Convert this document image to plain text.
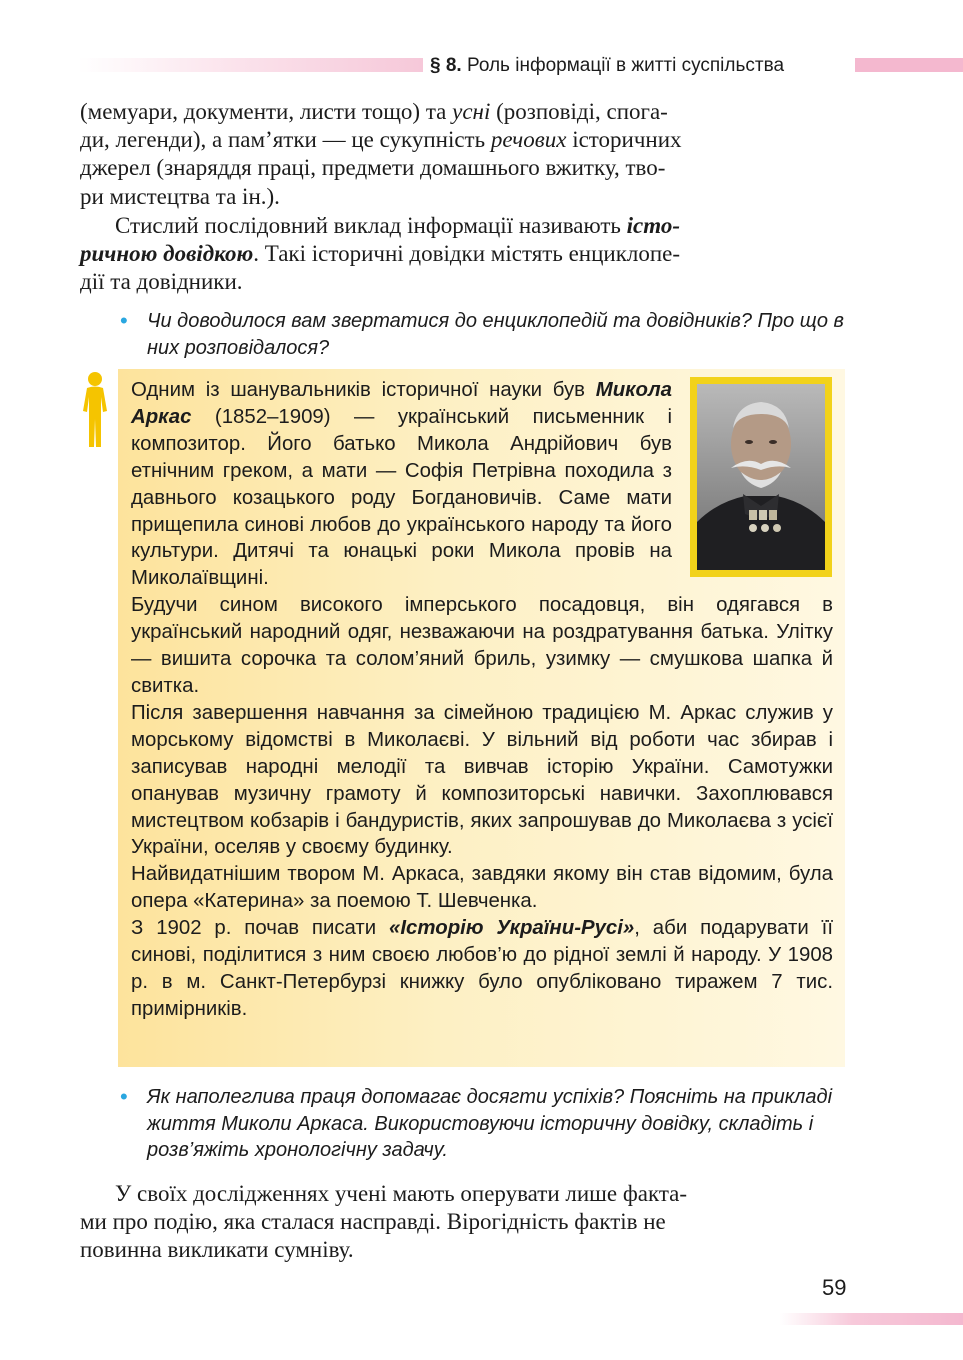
§ 8. Роль інформації в житті суспільства
(мемуари, документи, листи тощо) та усні (розповіді, спога-
ди, легенди), а пам’ятки — це сукупність речових історичних
джерел (знаряддя праці, предмети домашнього вжитку, тво-
ри мистецтва та ін.).
Стислий послідовний виклад інформації називають істо-
ричною довідкою. Такі історичні довідки містять енциклопе-
дії та довідники.
• Чи доводилося вам звертатися до енциклопедій та довідників? Про що в них розповідалося?

Одним із шанувальників історичної науки був Микола Аркас (1852–1909) — український письменник і композитор. Його батько Микола Андрійович був етнічним греком, а мати — Софія Петрівна походила з давнього козацького роду Богдановичів. Саме мати прищепила синові любов до українського народу та його культури. Дитячі та юнацькі роки Микола провів на Миколаївщині.

Будучи сином високого імперського посадовця, він одягався в український народний одяг, незважаючи на роздратування батька. Улітку — вишита сорочка та солом’яний бриль, узимку — смушкова шапка й свитка.

Після завершення навчання за сімейною традицією М. Аркас служив у морському відомстві в Миколаєві. У вільний від роботи час збирав і записував народні мелодії та вивчав історію України. Самотужки опанував музичну грамоту й композиторські навички. Захоплювався мистецтвом кобзарів і бандуристів, яких запрошував до Миколаєва з усієї України, оселяв у своєму будинку.

Найвидатнішим твором М. Аркаса, завдяки якому він став відомим, була опера «Катерина» за поемою Т. Шевченка.

З 1902 р. почав писати «Історію України-Русі», аби подарувати її синові, поділитися з ним своєю любов’ю до рідної землі й народу. У 1908 р. в м. Санкт-Петербурзі книжку було опубліковано тиражем 7 тис. примірників.

• Як наполеглива праця допомагає досягти успіхів? Поясніть на прикладі життя Миколи Аркаса. Використовуючи історичну довідку, складіть і розв’яжіть хронологічну задачу.
У своїх дослідженнях учені мають оперувати лише факта-
ми про подію, яка сталася насправді. Вірогідність фактів не
повинна викликати сумніву.
59
